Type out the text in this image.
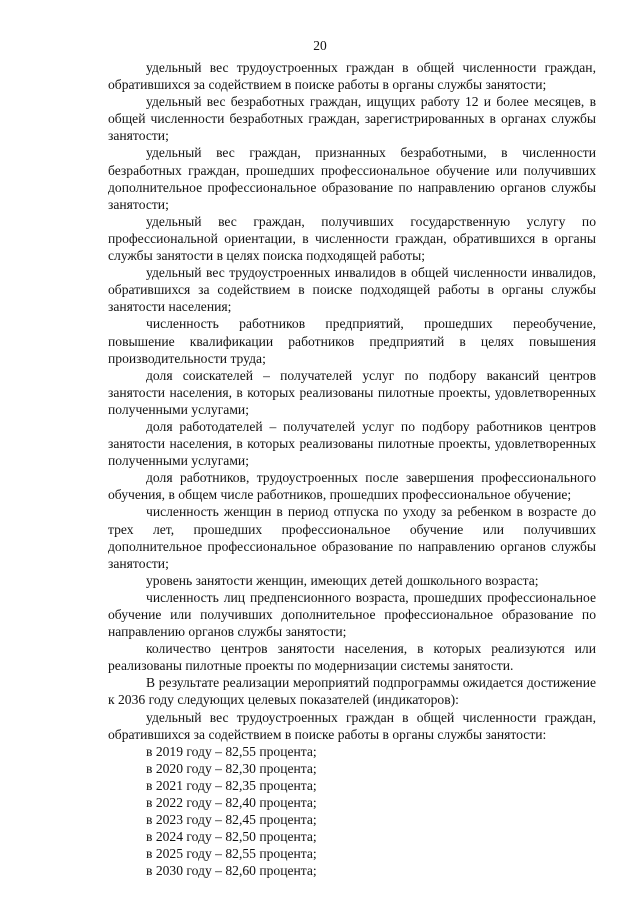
20

удельный вес трудоустроенных граждан в общей численности граждан, обратившихся за содействием в поиске работы в органы службы занятости;

удельный вес безработных граждан, ищущих работу 12 и более месяцев, в общей численности безработных граждан, зарегистрированных в органах службы занятости;

удельный вес граждан, признанных безработными, в численности безработных граждан, прошедших профессиональное обучение или получивших дополнительное профессиональное образование по направлению органов службы занятости;

удельный вес граждан, получивших государственную услугу по профессиональной ориентации, в численности граждан, обратившихся в органы службы занятости в целях поиска подходящей работы;

удельный вес трудоустроенных инвалидов в общей численности инвалидов, обратившихся за содействием в поиске подходящей работы в органы службы занятости населения;

численность работников предприятий, прошедших переобучение, повышение квалификации работников предприятий в целях повышения производительности труда;

доля соискателей – получателей услуг по подбору вакансий центров занятости населения, в которых реализованы пилотные проекты, удовлетворенных полученными услугами;

доля работодателей – получателей услуг по подбору работников центров занятости населения, в которых реализованы пилотные проекты, удовлетворенных полученными услугами;

доля работников, трудоустроенных после завершения профессионального обучения, в общем числе работников, прошедших профессиональное обучение;

численность женщин в период отпуска по уходу за ребенком в возрасте до трех лет, прошедших профессиональное обучение или получивших дополнительное профессиональное образование по направлению органов службы занятости;

уровень занятости женщин, имеющих детей дошкольного возраста;

численность лиц предпенсионного возраста, прошедших профессиональное обучение или получивших дополнительное профессиональное образование по направлению органов службы занятости;

количество центров занятости населения, в которых реализуются или реализованы пилотные проекты по модернизации системы занятости.

В результате реализации мероприятий подпрограммы ожидается достижение к 2036 году следующих целевых показателей (индикаторов):

удельный вес трудоустроенных граждан в общей численности граждан, обратившихся за содействием в поиске работы в органы службы занятости:

в 2019 году – 82,55 процента;

в 2020 году – 82,30 процента;

в 2021 году – 82,35 процента;

в 2022 году – 82,40 процента;

в 2023 году – 82,45 процента;

в 2024 году – 82,50 процента;

в 2025 году – 82,55 процента;

в 2030 году – 82,60 процента;
